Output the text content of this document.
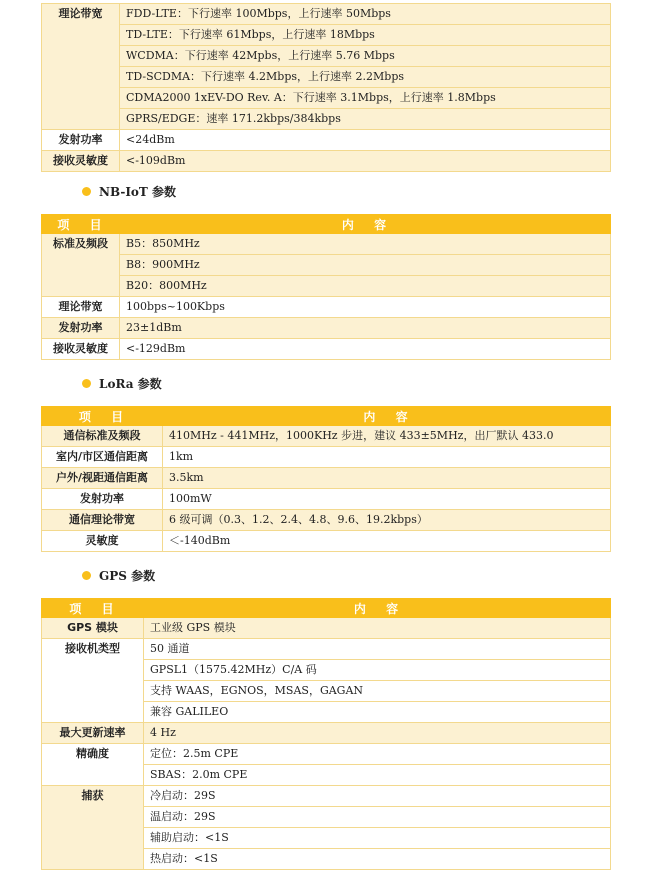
理论带宽	FDD-LTE：下行速率 100Mbps，上行速率 50Mbps
	TD-LTE：下行速率 61Mbps，上行速率 18Mbps
	WCDMA：下行速率 42Mpbs，上行速率 5.76 Mbps
	TD-SCDMA：下行速率 4.2Mbps，上行速率 2.2Mbps
	CDMA2000 1xEV-DO Rev. A：下行速率 3.1Mbps，上行速率 1.8Mbps
	GPRS/EDGE：速率 171.2kbps/384kbps
发射功率	<24dBm
接收灵敏度	<-109dBm
NB-IoT 参数
项 目	内 容
标准及频段	B5：850MHz
	B8：900MHz
	B20：800MHz
理论带宽	100bps~100Kbps
发射功率	23±1dBm
接收灵敏度	<-129dBm
LoRa 参数
项 目	内 容
通信标准及频段	410MHz - 441MHz，1000KHz 步进，建议 433±5MHz，出厂默认 433.0
室内/市区通信距离	1km
户外/视距通信距离	3.5km
发射功率	100mW
通信理论带宽	6 级可调（0.3、1.2、2.4、4.8、9.6、19.2kbps）
灵敏度	＜-140dBm
GPS 参数
项 目	内 容
GPS 模块	工业级 GPS 模块
接收机类型	50 通道
	GPSL1（1575.42MHz）C/A 码
	支持 WAAS，EGNOS，MSAS，GAGAN
	兼容 GALILEO
最大更新速率	4 Hz
精确度	定位：2.5m CPE
	SBAS：2.0m CPE
捕获	冷启动：29S
	温启动：29S
	辅助启动：<1S
	热启动：<1S
